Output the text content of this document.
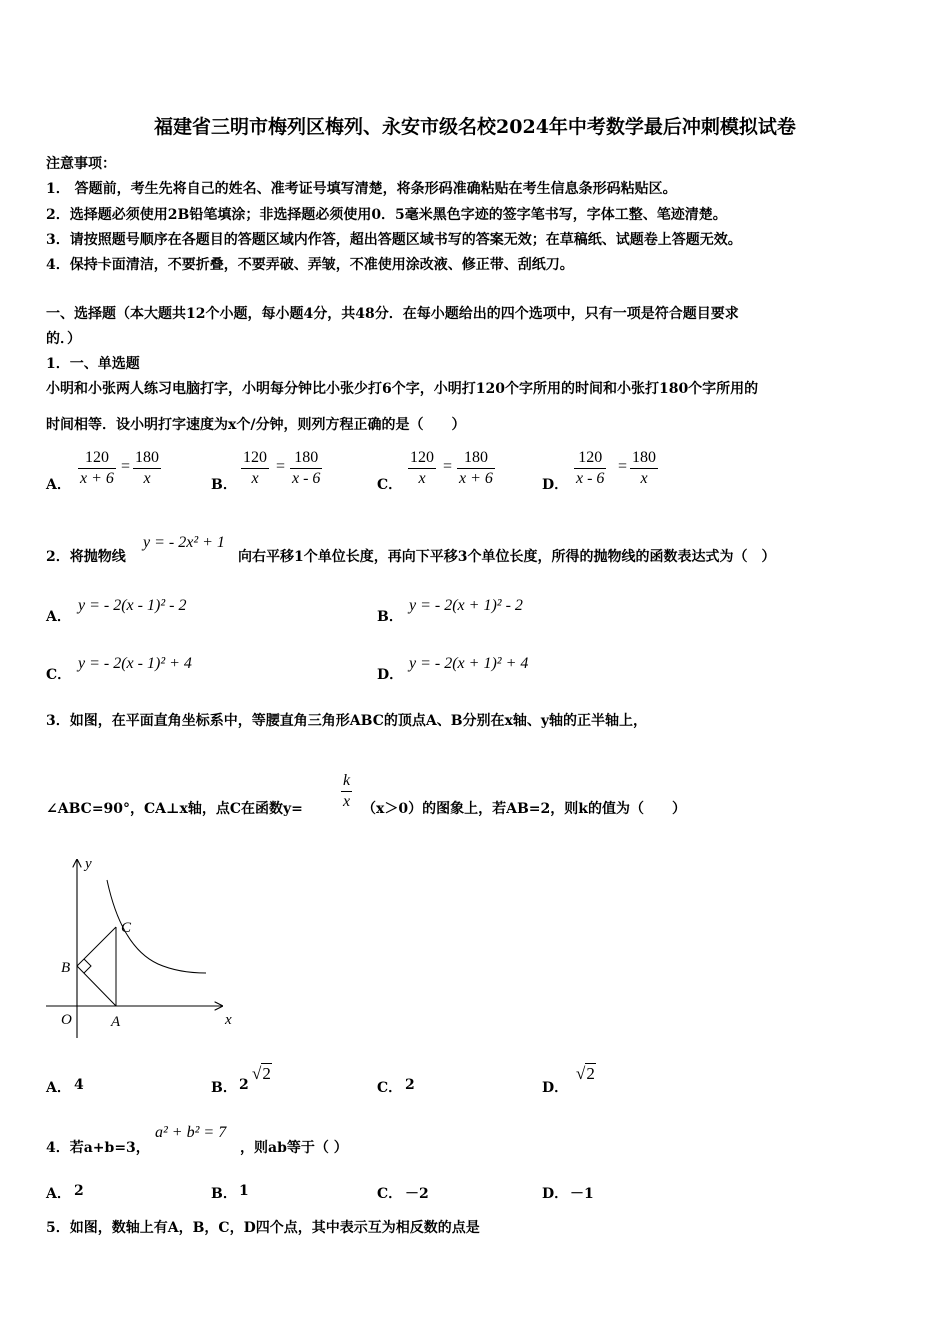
福建省三明市梅列区梅列、永安市级名校2024年中考数学最后冲刺模拟试卷
注意事项：
1． 答题前，考生先将自己的姓名、准考证号填写清楚，将条形码准确粘贴在考生信息条形码粘贴区。
2．选择题必须使用2B铅笔填涂；非选择题必须使用0．5毫米黑色字迹的签字笔书写，字体工整、笔迹清楚。
3．请按照题号顺序在各题目的答题区域内作答，超出答题区域书写的答案无效；在草稿纸、试题卷上答题无效。
4．保持卡面清洁，不要折叠，不要弄破、弄皱，不准使用涂改液、修正带、刮纸刀。
一、选择题（本大题共12个小题，每小题4分，共48分．在每小题给出的四个选项中，只有一项是符合题目要求
的．）
1．一、单选题
小明和小张两人练习电脑打字，小明每分钟比小张少打6个字，小明打120个字所用的时间和小张打180个字所用的
时间相等．设小明打字速度为x个/分钟，则列方程正确的是（　　）
A． $\frac{120}{x + 6} = \frac{180}{x}$	B． $\frac{120}{x} = \frac{180}{x - 6}$	C． $\frac{120}{x} = \frac{180}{x + 6}$	D． $\frac{120}{x - 6} = \frac{180}{x}$
2．将抛物线
y = - 2x² + 1
向右平移1个单位长度，再向下平移3个单位长度，所得的抛物线的函数表达式为（　）
A．
y = - 2(x - 1)² - 2
B．
y = - 2(x + 1)² - 2
C．
y = - 2(x - 1)² + 4
D．
y = - 2(x + 1)² + 4
3．如图，在平面直角坐标系中，等腰直角三角形ABC的顶点A、B分别在x轴、y轴的正半轴上，
∠ABC=90°，CA⊥x轴，点C在函数$y= \frac{k}{x} (x>0)$的图象上，若AB=2，则k的值为（　　）
y
x
O	A
B
C
A． 4	B． 2
√ 2
C． 2	D．
√ 2
4．若a+b=3，
a² + b² = 7
，则ab等于（ ）
A． 2	B． 1	C． －2	D． －1
5．如图，数轴上有A，B，C，D四个点，其中表示互为相反数的点是
